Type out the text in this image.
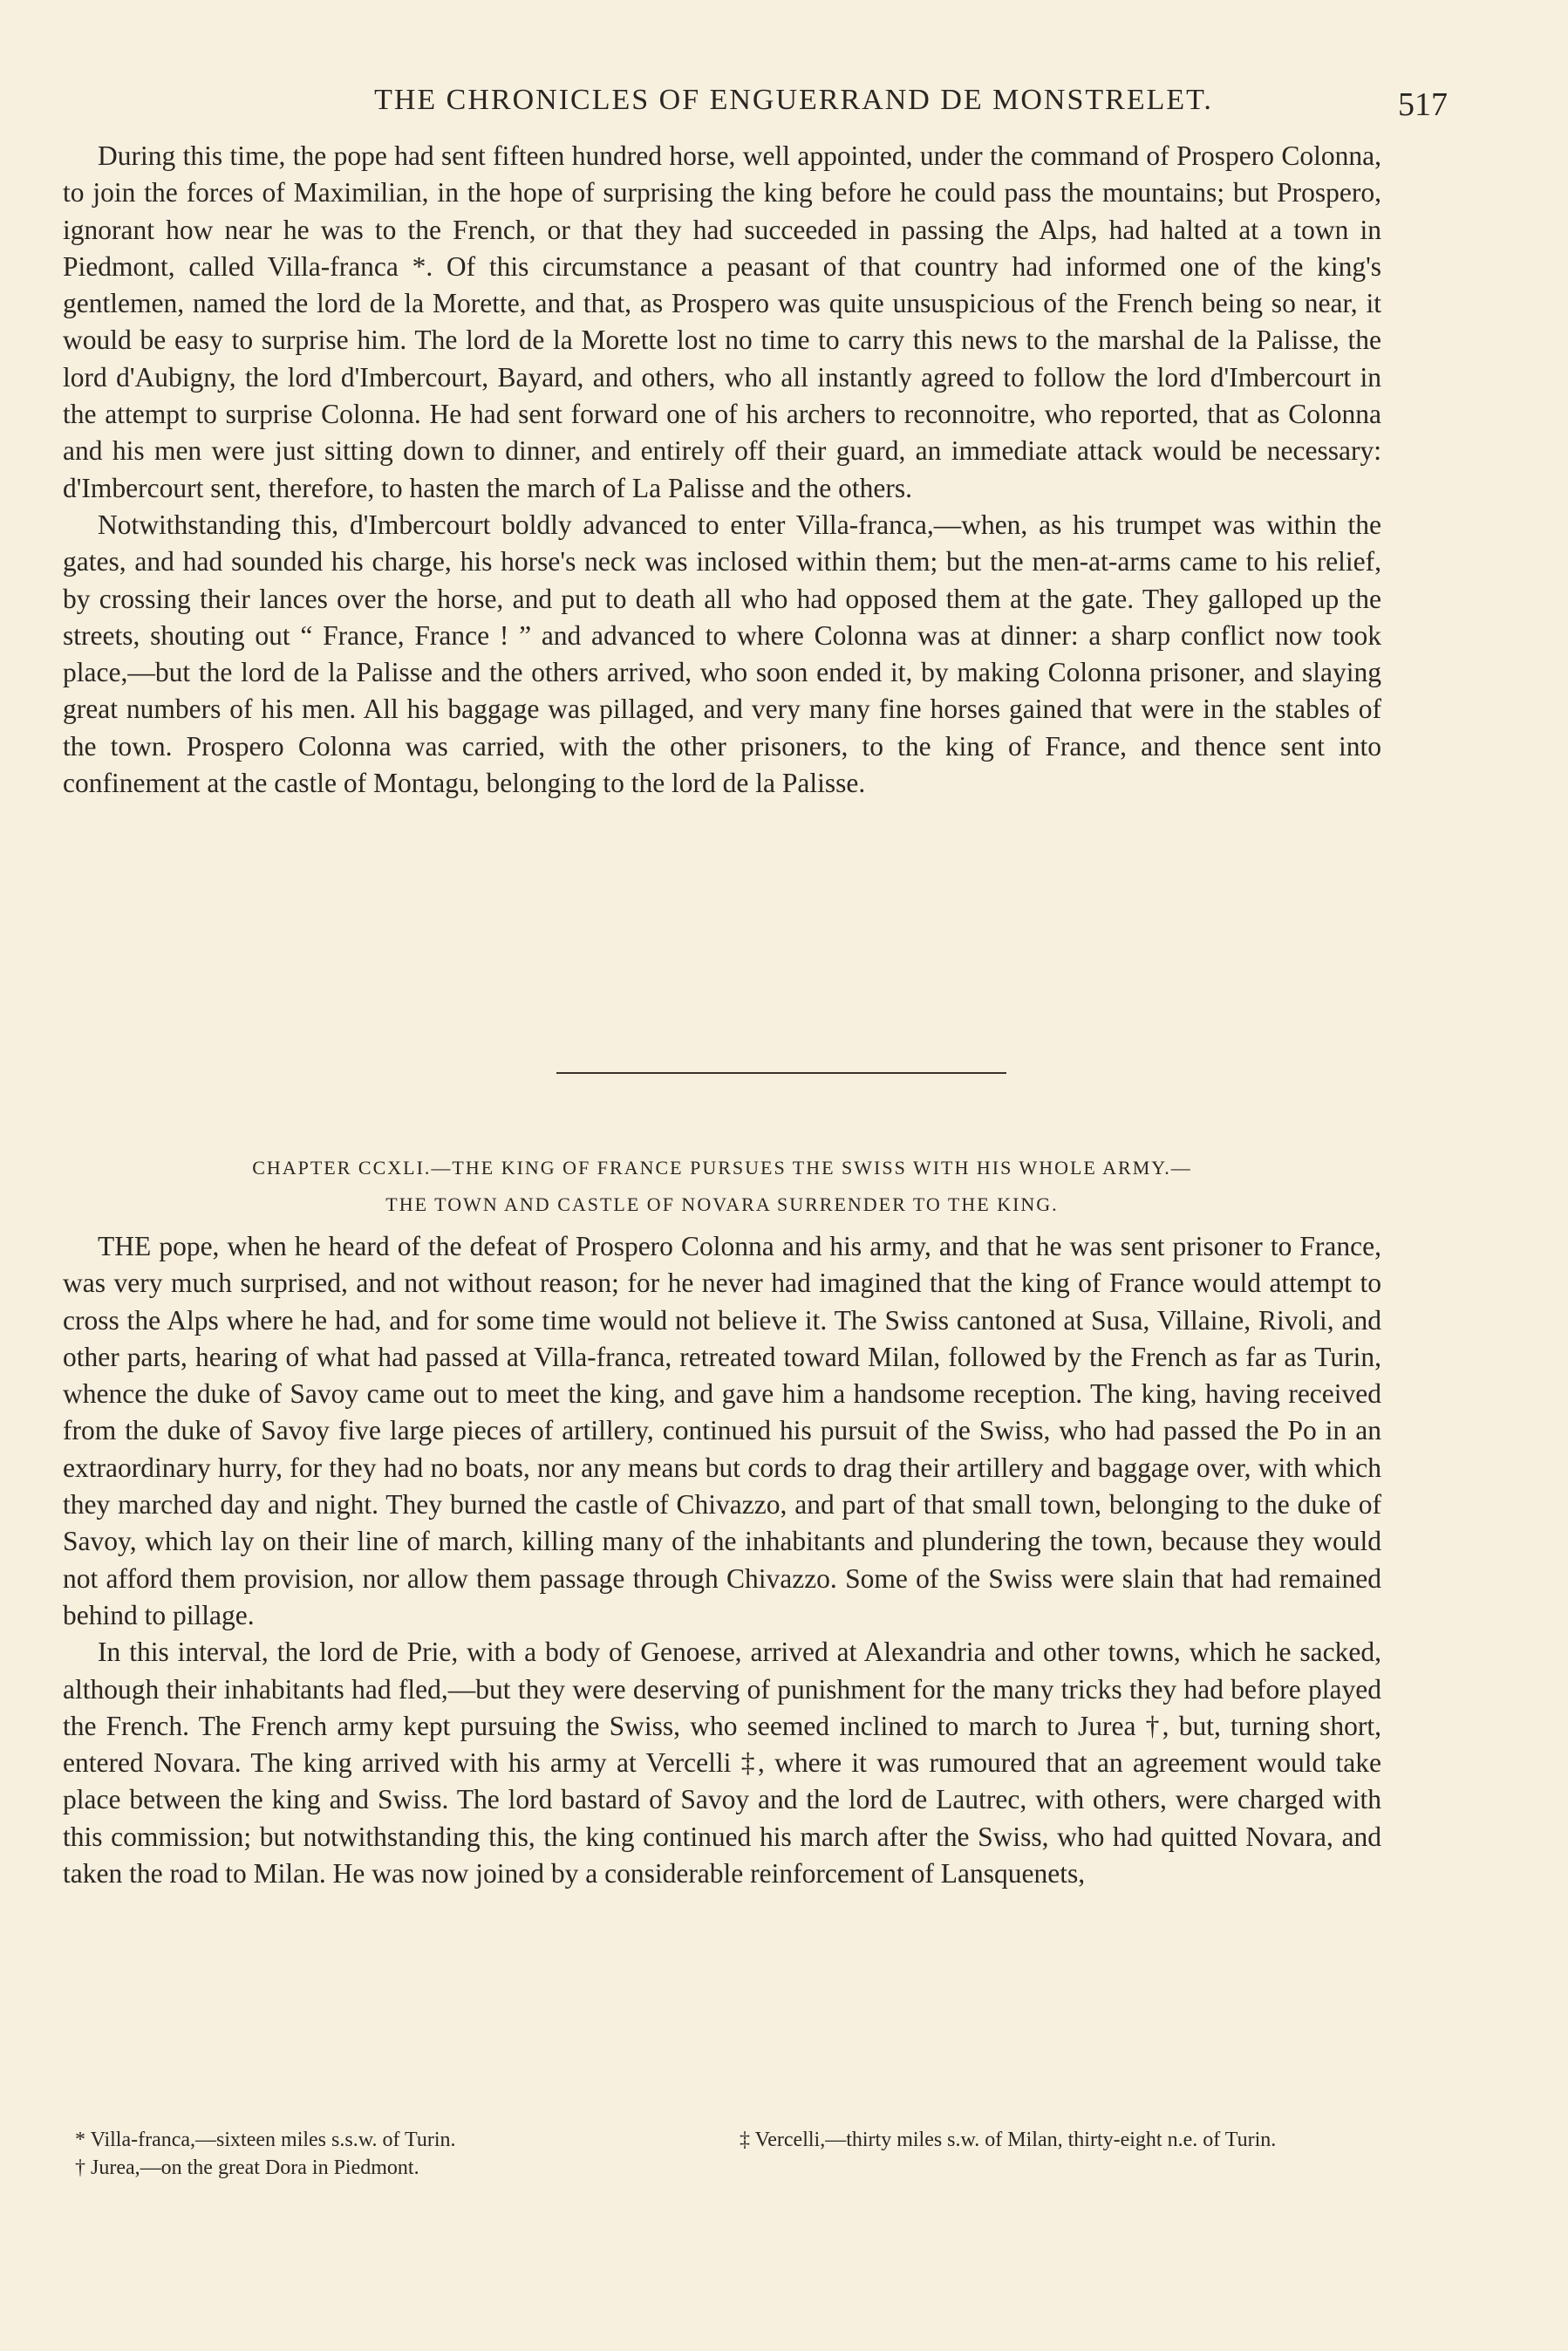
THE CHRONICLES OF ENGUERRAND DE MONSTRELET.	517

During this time, the pope had sent fifteen hundred horse, well appointed, under the command of Prospero Colonna, to join the forces of Maximilian, in the hope of surprising the king before he could pass the mountains; but Prospero, ignorant how near he was to the French, or that they had succeeded in passing the Alps, had halted at a town in Piedmont, called Villa-franca *. Of this circumstance a peasant of that country had informed one of the king's gentlemen, named the lord de la Morette, and that, as Prospero was quite unsuspicious of the French being so near, it would be easy to surprise him. The lord de la Morette lost no time to carry this news to the marshal de la Palisse, the lord d'Aubigny, the lord d'Imbercourt, Bayard, and others, who all instantly agreed to follow the lord d'Imbercourt in the attempt to surprise Colonna. He had sent forward one of his archers to reconnoitre, who reported, that as Colonna and his men were just sitting down to dinner, and entirely off their guard, an immediate attack would be necessary: d'Imbercourt sent, therefore, to hasten the march of La Palisse and the others.

Notwithstanding this, d'Imbercourt boldly advanced to enter Villa-franca,—when, as his trumpet was within the gates, and had sounded his charge, his horse's neck was inclosed within them; but the men-at-arms came to his relief, by crossing their lances over the horse, and put to death all who had opposed them at the gate. They galloped up the streets, shouting out “ France, France ! ” and advanced to where Colonna was at dinner: a sharp conflict now took place,—but the lord de la Palisse and the others arrived, who soon ended it, by making Colonna prisoner, and slaying great numbers of his men. All his baggage was pillaged, and very many fine horses gained that were in the stables of the town. Prospero Colonna was carried, with the other prisoners, to the king of France, and thence sent into confinement at the castle of Montagu, belonging to the lord de la Palisse.

CHAPTER CCXLI.—THE KING OF FRANCE PURSUES THE SWISS WITH HIS WHOLE ARMY.—
THE TOWN AND CASTLE OF NOVARA SURRENDER TO THE KING.

THE pope, when he heard of the defeat of Prospero Colonna and his army, and that he was sent prisoner to France, was very much surprised, and not without reason; for he never had imagined that the king of France would attempt to cross the Alps where he had, and for some time would not believe it. The Swiss cantoned at Susa, Villaine, Rivoli, and other parts, hearing of what had passed at Villa-franca, retreated toward Milan, followed by the French as far as Turin, whence the duke of Savoy came out to meet the king, and gave him a handsome reception. The king, having received from the duke of Savoy five large pieces of artillery, continued his pursuit of the Swiss, who had passed the Po in an extraordinary hurry, for they had no boats, nor any means but cords to drag their artillery and baggage over, with which they marched day and night. They burned the castle of Chivazzo, and part of that small town, belonging to the duke of Savoy, which lay on their line of march, killing many of the inhabitants and plundering the town, because they would not afford them provision, nor allow them passage through Chivazzo. Some of the Swiss were slain that had remained behind to pillage.

In this interval, the lord de Prie, with a body of Genoese, arrived at Alexandria and other towns, which he sacked, although their inhabitants had fled,—but they were deserving of punishment for the many tricks they had before played the French. The French army kept pursuing the Swiss, who seemed inclined to march to Jurea †, but, turning short, entered Novara. The king arrived with his army at Vercelli ‡, where it was rumoured that an agreement would take place between the king and Swiss. The lord bastard of Savoy and the lord de Lautrec, with others, were charged with this commission; but notwithstanding this, the king continued his march after the Swiss, who had quitted Novara, and taken the road to Milan. He was now joined by a considerable reinforcement of Lansquenets,

* Villa-franca,—sixteen miles s.s.w. of Turin.
† Jurea,—on the great Dora in Piedmont.
‡ Vercelli,—thirty miles s.w. of Milan, thirty-eight n.e. of Turin.
